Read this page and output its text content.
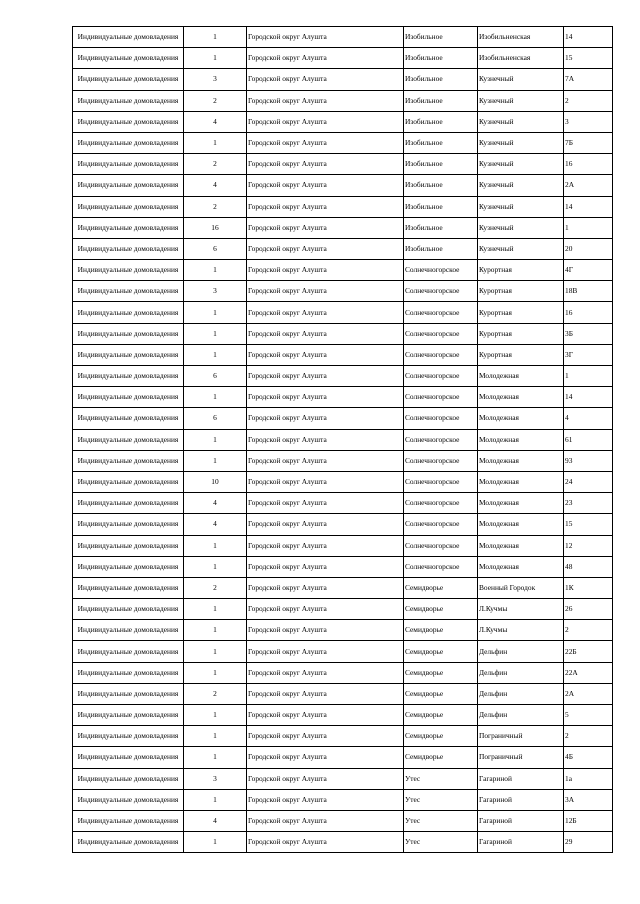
Индивидуальные домовладения	1	Городской округ Алушта	Изобильное	Изобильненская	14
Индивидуальные домовладения	1	Городской округ Алушта	Изобильное	Изобильненская	15
Индивидуальные домовладения	3	Городской округ Алушта	Изобильное	Кузнечный	7А
Индивидуальные домовладения	2	Городской округ Алушта	Изобильное	Кузнечный	2
Индивидуальные домовладения	4	Городской округ Алушта	Изобильное	Кузнечный	3
Индивидуальные домовладения	1	Городской округ Алушта	Изобильное	Кузнечный	7Б
Индивидуальные домовладения	2	Городской округ Алушта	Изобильное	Кузнечный	16
Индивидуальные домовладения	4	Городской округ Алушта	Изобильное	Кузнечный	2А
Индивидуальные домовладения	2	Городской округ Алушта	Изобильное	Кузнечный	14
Индивидуальные домовладения	16	Городской округ Алушта	Изобильное	Кузнечный	1
Индивидуальные домовладения	6	Городской округ Алушта	Изобильное	Кузнечный	20
Индивидуальные домовладения	1	Городской округ Алушта	Солнечногорское	Курортная	4Г
Индивидуальные домовладения	3	Городской округ Алушта	Солнечногорское	Курортная	18В
Индивидуальные домовладения	1	Городской округ Алушта	Солнечногорское	Курортная	16
Индивидуальные домовладения	1	Городской округ Алушта	Солнечногорское	Курортная	3Б
Индивидуальные домовладения	1	Городской округ Алушта	Солнечногорское	Курортная	3Г
Индивидуальные домовладения	6	Городской округ Алушта	Солнечногорское	Молодежная	1
Индивидуальные домовладения	1	Городской округ Алушта	Солнечногорское	Молодежная	14
Индивидуальные домовладения	6	Городской округ Алушта	Солнечногорское	Молодежная	4
Индивидуальные домовладения	1	Городской округ Алушта	Солнечногорское	Молодежная	61
Индивидуальные домовладения	1	Городской округ Алушта	Солнечногорское	Молодежная	93
Индивидуальные домовладения	10	Городской округ Алушта	Солнечногорское	Молодежная	24
Индивидуальные домовладения	4	Городской округ Алушта	Солнечногорское	Молодежная	23
Индивидуальные домовладения	4	Городской округ Алушта	Солнечногорское	Молодежная	15
Индивидуальные домовладения	1	Городской округ Алушта	Солнечногорское	Молодежная	12
Индивидуальные домовладения	1	Городской округ Алушта	Солнечногорское	Молодежная	48
Индивидуальные домовладения	2	Городской округ Алушта	Семидворье	Военный Городок	1К
Индивидуальные домовладения	1	Городской округ Алушта	Семидворье	Л.Кучмы	26
Индивидуальные домовладения	1	Городской округ Алушта	Семидворье	Л.Кучмы	2
Индивидуальные домовладения	1	Городской округ Алушта	Семидворье	Дельфин	22Б
Индивидуальные домовладения	1	Городской округ Алушта	Семидворье	Дельфин	22А
Индивидуальные домовладения	2	Городской округ Алушта	Семидворье	Дельфин	2А
Индивидуальные домовладения	1	Городской округ Алушта	Семидворье	Дельфин	5
Индивидуальные домовладения	1	Городской округ Алушта	Семидворье	Пограничный	2
Индивидуальные домовладения	1	Городской округ Алушта	Семидворье	Пограничный	4Б
Индивидуальные домовладения	3	Городской округ Алушта	Утес	Гагариной	1а
Индивидуальные домовладения	1	Городской округ Алушта	Утес	Гагариной	3А
Индивидуальные домовладения	4	Городской округ Алушта	Утес	Гагариной	12Б
Индивидуальные домовладения	1	Городской округ Алушта	Утес	Гагариной	29
